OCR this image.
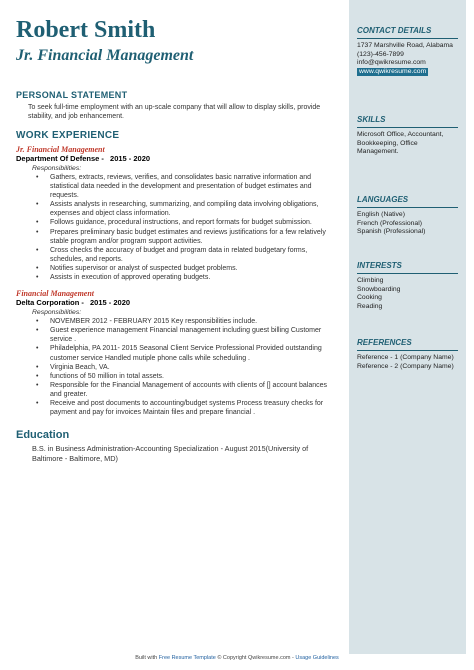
Robert Smith
Jr. Financial Management
PERSONAL STATEMENT
To seek full-time employment with an up-scale company that will allow to display skills, provide stability, and job enhancement.
WORK EXPERIENCE
Jr. Financial Management
Department Of Defense - 2015 - 2020
Responsibilities:
• Gathers, extracts, reviews, verifies, and consolidates basic narrative information and statistical data needed in the development and presentation of budget estimates and requests.
• Assists analysts in researching, summarizing, and compiling data involving obligations, expenses and object class information.
• Follows guidance, procedural instructions, and report formats for budget submission.
• Prepares preliminary basic budget estimates and reviews justifications for a few relatively stable program and/or program support activities.
• Cross checks the accuracy of budget and program data in related budgetary forms, schedules, and reports.
• Notifies supervisor or analyst of suspected budget problems.
• Assists in execution of approved operating budgets.
Financial Management
Delta Corporation - 2015 - 2020
Responsibilities:
• NOVEMBER 2012 - FEBRUARY 2015 Key responsibilities include.
• Guest experience management Financial management including guest billing Customer service .
• Philadelphia, PA 2011- 2015 Seasonal Client Service Professional Provided outstanding customer service Handled mutiple phone calls while scheduling .
• Virginia Beach, VA.
• functions of 50 million in total assets.
• Responsible for the Financial Management of accounts with clients of [] account balances and greater.
• Receive and post documents to accounting/budget systems Process treasury checks for payment and pay for invoices Maintain files and prepare financial .
Education
B.S. in Business Administration-Accounting Specialization - August 2015(University of Baltimore - Baltimore, MD)
CONTACT DETAILS
1737 Marshville Road, Alabama
(123)-456-7899
info@qwikresume.com
www.qwikresume.com
SKILLS
Microsoft Office, Accountant, Bookkeeping, Office Management.
LANGUAGES
English (Native)
French (Professional)
Spanish (Professional)
INTERESTS
Climbing
Snowboarding
Cooking
Reading
REFERENCES
Reference - 1 (Company Name)
Reference - 2 (Company Name)
Built with Free Resume Template © Copyright Qwikresume.com - Usage Guidelines
